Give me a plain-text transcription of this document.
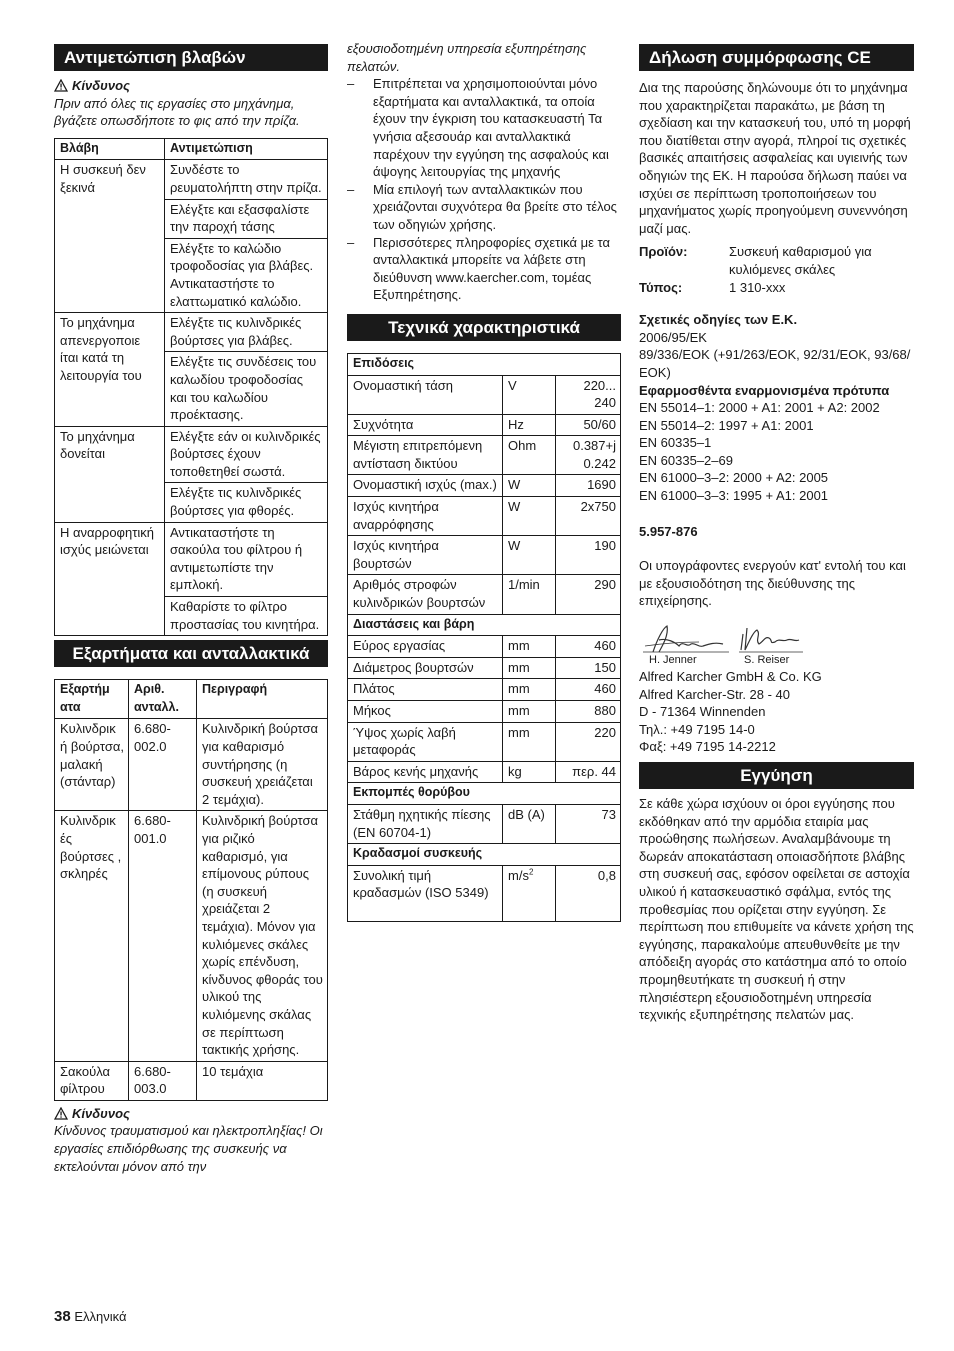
Αντιμετώπιση βλαβών
Κίνδυνος

Πριν από όλες τις εργασίες στο μηχάνημα, βγάζετε οπωσδήποτε το φις από την πρίζα.

Βλάβη	Αντιμετώπιση
Η συσκευή δεν ξεκινά	Συνδέστε το ρευματολήπτη στην πρίζα.
	Ελέγξτε και εξασφαλίστε την παροχή τάσης
	Ελέγξτε το καλώδιο τροφοδοσίας για βλάβες. Αντικαταστήστε το ελαττωματικό καλώδιο.
Το μηχάνημα απενεργοποιε ίται κατά τη λειτουργία του	Ελέγξτε τις κυλινδρικές βούρτσες για βλάβες.
	Ελέγξτε τις συνδέσεις του καλωδίου τροφοδοσίας και του καλωδίου προέκτασης.
Το μηχάνημα δονείται	Ελέγξτε εάν οι κυλινδρικές βούρτσες έχουν τοποθετηθεί σωστά.
	Ελέγξτε τις κυλινδρικές βούρτσες για φθορές.
Η αναρροφητική ισχύς μειώνεται	Αντικαταστήστε τη σακούλα του φίλτρου ή αντιμετωπίστε την εμπλοκή.
	Καθαρίστε το φίλτρο προστασίας του κινητήρα.
Εξαρτήματα και ανταλλακτικά
Εξαρτήμ ατα	Αριθ. ανταλλ.	Περιγραφή
Κυλινδρικ ή βούρτσα, μαλακή (στάνταρ)	6.680-002.0	Κυλινδρική βούρτσα για καθαρισμό συντήρησης (η συσκευή χρειάζεται 2 τεμάχια).
Κυλινδρικ ές βούρτσες , σκληρές	6.680-001.0	Κυλινδρική βούρτσα για ριζικό καθαρισμό, για επίμονους ρύπους (η συσκευή χρειάζεται 2 τεμάχια). Μόνον για κυλιόμενες σκάλες χωρίς επένδυση, κίνδυνος φθοράς του υλικού της κυλιόμενης σκάλας σε περίπτωση τακτικής χρήσης.
Σακούλα φίλτρου	6.680-003.0	10 τεμάχια
Κίνδυνος

Κίνδυνος τραυματισμού και ηλεκτροπληξίας! Οι εργασίες επιδιόρθωσης της συσκευής να εκτελούνται μόνον από την

εξουσιοδοτημένη υπηρεσία εξυπηρέτησης πελατών.

– Επιτρέπεται να χρησιμοποιούνται μόνο εξαρτήματα και ανταλλακτικά, τα οποία έχουν την έγκριση του κατασκευαστή Τα γνήσια αξεσουάρ και ανταλλακτικά παρέχουν την εγγύηση της ασφαλούς και άψογης λειτουργίας της μηχανής
– Μία επιλογή των ανταλλακτικών που χρειάζονται συχνότερα θα βρείτε στο τέλος των οδηγιών χρήσης.
– Περισσότερες πληροφορίες σχετικά με τα ανταλλακτικά μπορείτε να λάβετε στη διεύθυνση www.kaercher.com, τομέας Εξυπηρέτησης.
Τεχνικά χαρακτηριστικά
Επιδόσεις		
Ονομαστική τάση	V	220... 240
Συχνότητα	Hz	50/60
Μέγιστη επιτρεπόμενη αντίσταση δικτύου	Ohm	0.387+j 0.242
Ονομαστική ισχύς (max.)	W	1690
Ισχύς κινητήρα αναρρόφησης	W	2x750
Ισχύς κινητήρα βουρτσών	W	190
Αριθμός στροφών κυλινδρικών βουρτσών	1/min	290
Διαστάσεις και βάρη		
Εύρος εργασίας	mm	460
Διάμετρος βουρτσών	mm	150
Πλάτος	mm	460
Μήκος	mm	880
Ύψος χωρίς λαβή μεταφοράς	mm	220
Βάρος κενής μηχανής	kg	περ. 44
Εκπομπές θορύβου		
Στάθμη ηχητικής πίεσης (EN 60704-1)	dB (A)	73
Κραδασμοί συσκευής		
Συνολική τιμή κραδασμών (ISO 5349)	$m/s^2$	0,8
Δήλωση συμμόρφωσης CE

Δια της παρούσης δηλώνουμε ότι το μηχάνημα που χαρακτηρίζεται παρακάτω, με βάση τη σχεδίαση και την κατασκευή του, υπό τη μορφή που διατίθεται στην αγορά, πληροί τις σχετικές βασικές απαιτήσεις ασφαλείας και υγιεινής των οδηγιών της ΕΚ. Η παρούσα δήλωση παύει να ισχύει σε περίπτωση τροποποιήσεων του μηχανήματος χωρίς προηγούμενη συνεννόηση μαζί μας.

Προϊόν:	Συσκευή καθαρισμού για κυλιόμενες σκάλες
Τύπος:	1 310-xxx

Σχετικές οδηγίες των Ε.Κ.

2006/95/ΕΚ

89/336/ΕΟΚ (+91/263/ΕΟΚ, 92/31/ΕΟΚ, 93/68/ΕΟΚ)

Εφαρμοσθέντα εναρμονισμένα πρότυπα

EN 55014–1: 2000 + A1: 2001 + A2: 2002

EN 55014–2: 1997 + A1: 2001

EN 60335–1

EN 60335–2–69

EN 61000–3–2: 2000 + A2: 2005

EN 61000–3–3: 1995 + A1: 2001

5.957-876

Οι υπογράφοντες ενεργούν κατ' εντολή του και με εξουσιοδότηση της διεύθυνσης της επιχείρησης.

H. Jenner	S. Reiser

Alfred Karcher GmbH & Co. KG

Alfred Karcher-Str. 28 - 40

D - 71364 Winnenden

Τηλ.: +49 7195 14-0

Φαξ: +49 7195 14-2212

Εγγύηση

Σε κάθε χώρα ισχύουν οι όροι εγγύησης που εκδόθηκαν από την αρμόδια εταιρία μας προώθησης πωλήσεων. Αναλαμβάνουμε τη δωρεάν αποκατάσταση οποιασδήποτε βλάβης στη συσκευή σας, εφόσον οφείλεται σε αστοχία υλικού ή κατασκευαστικό σφάλμα, εντός της προθεσμίας που ορίζεται στην εγγύηση. Σε περίπτωση που επιθυμείτε να κάνετε χρήση της εγγύησης, παρακαλούμε απευθυνθείτε με την απόδειξη αγοράς στο κατάστημα από το οποίο προμηθευτήκατε τη συσκευή ή στην πλησιέστερη εξουσιοδοτημένη υπηρεσία τεχνικής εξυπηρέτησης πελατών μας.

38 Ελληνικά
